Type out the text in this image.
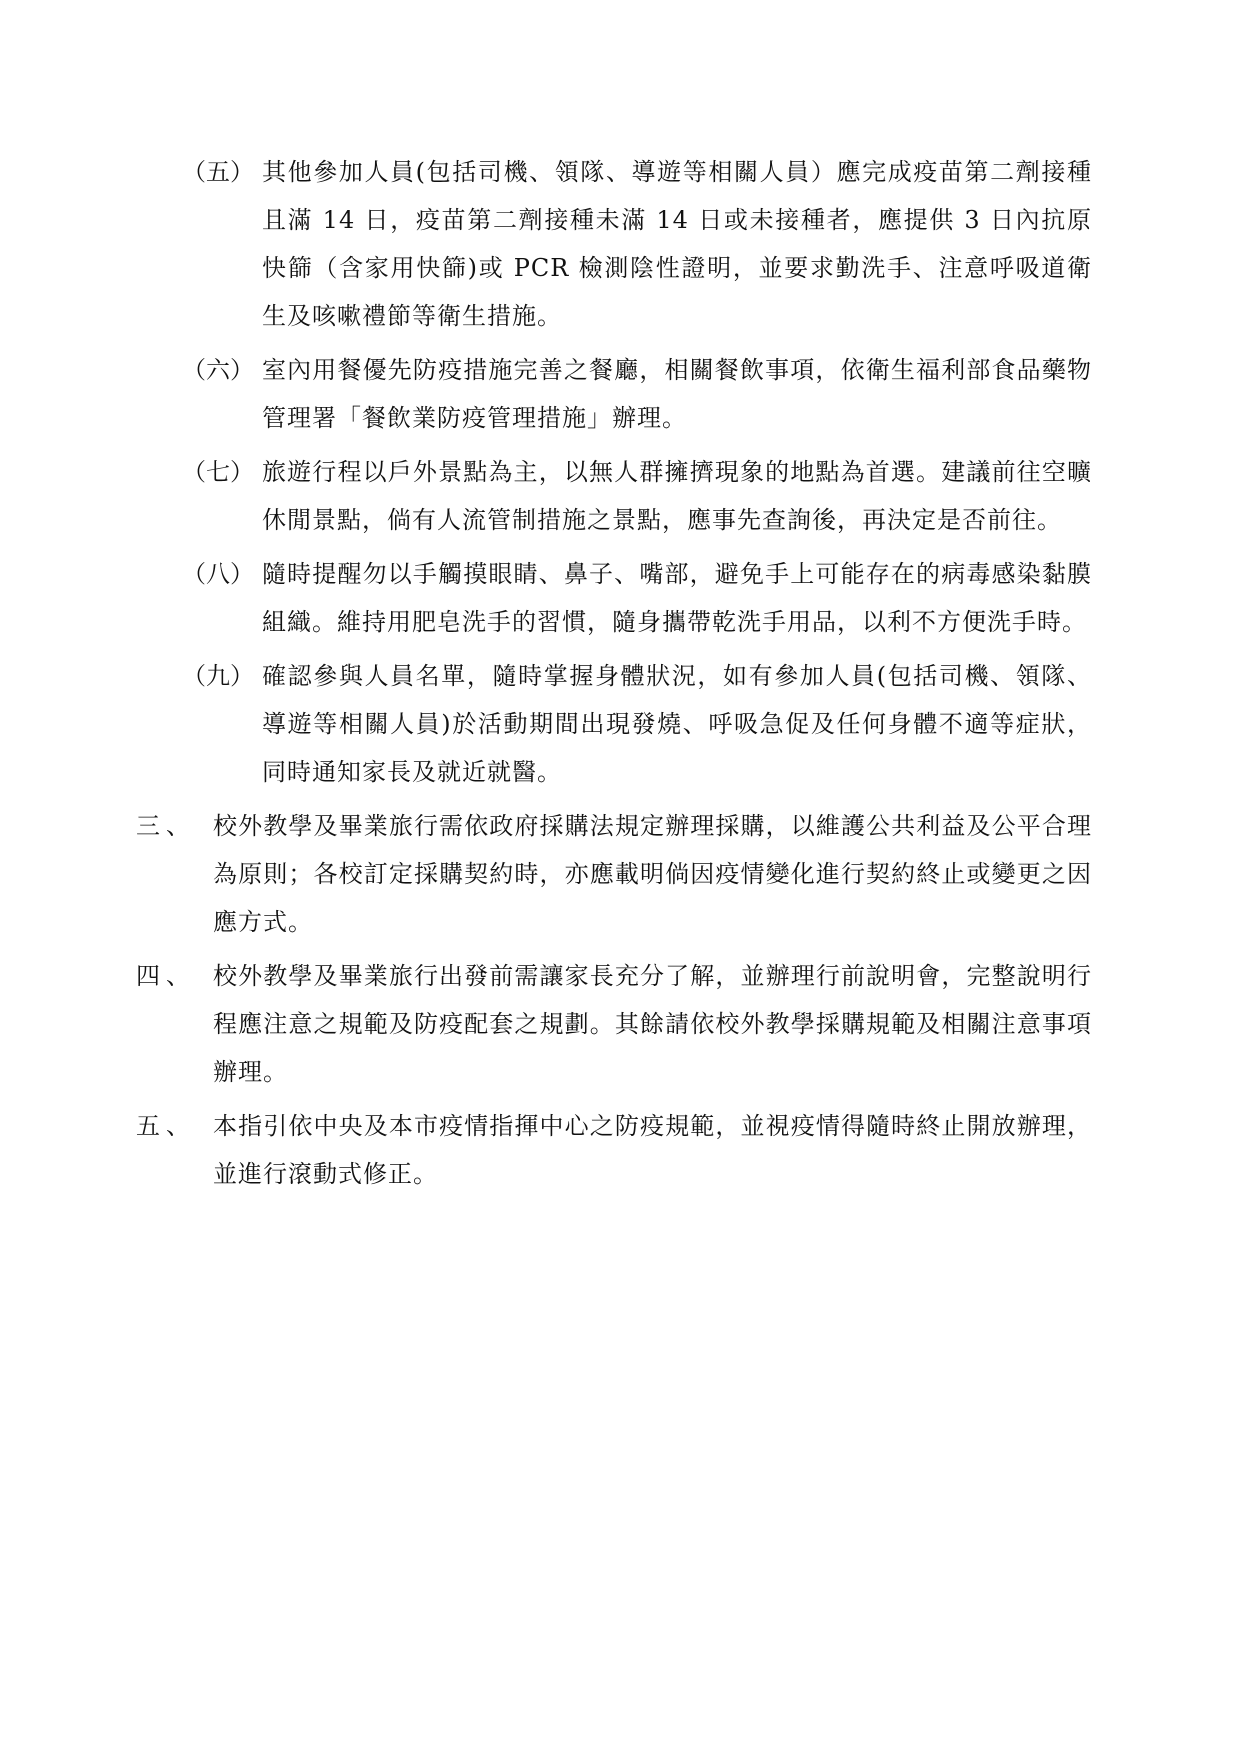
（五） 其他參加人員(包括司機、領隊、導遊等相關人員）應完成疫苗第二劑接種且滿 14 日，疫苗第二劑接種未滿 14 日或未接種者，應提供 3 日內抗原快篩（含家用快篩)或 PCR 檢測陰性證明，並要求勤洗手、注意呼吸道衛生及咳嗽禮節等衛生措施。
（六） 室內用餐優先防疫措施完善之餐廳，相關餐飲事項，依衛生福利部食品藥物管理署「餐飲業防疫管理措施」辦理。
（七） 旅遊行程以戶外景點為主，以無人群擁擠現象的地點為首選。建議前往空曠休閒景點，倘有人流管制措施之景點，應事先查詢後，再決定是否前往。
（八） 隨時提醒勿以手觸摸眼睛、鼻子、嘴部，避免手上可能存在的病毒感染黏膜組織。維持用肥皂洗手的習慣，隨身攜帶乾洗手用品，以利不方便洗手時。
（九） 確認參與人員名單，隨時掌握身體狀況，如有參加人員(包括司機、領隊、導遊等相關人員)於活動期間出現發燒、呼吸急促及任何身體不適等症狀，同時通知家長及就近就醫。
三、 校外教學及畢業旅行需依政府採購法規定辦理採購，以維護公共利益及公平合理為原則；各校訂定採購契約時，亦應載明倘因疫情變化進行契約終止或變更之因應方式。
四、 校外教學及畢業旅行出發前需讓家長充分了解，並辦理行前說明會，完整說明行程應注意之規範及防疫配套之規劃。其餘請依校外教學採購規範及相關注意事項辦理。
五、 本指引依中央及本市疫情指揮中心之防疫規範，並視疫情得隨時終止開放辦理，並進行滾動式修正。
